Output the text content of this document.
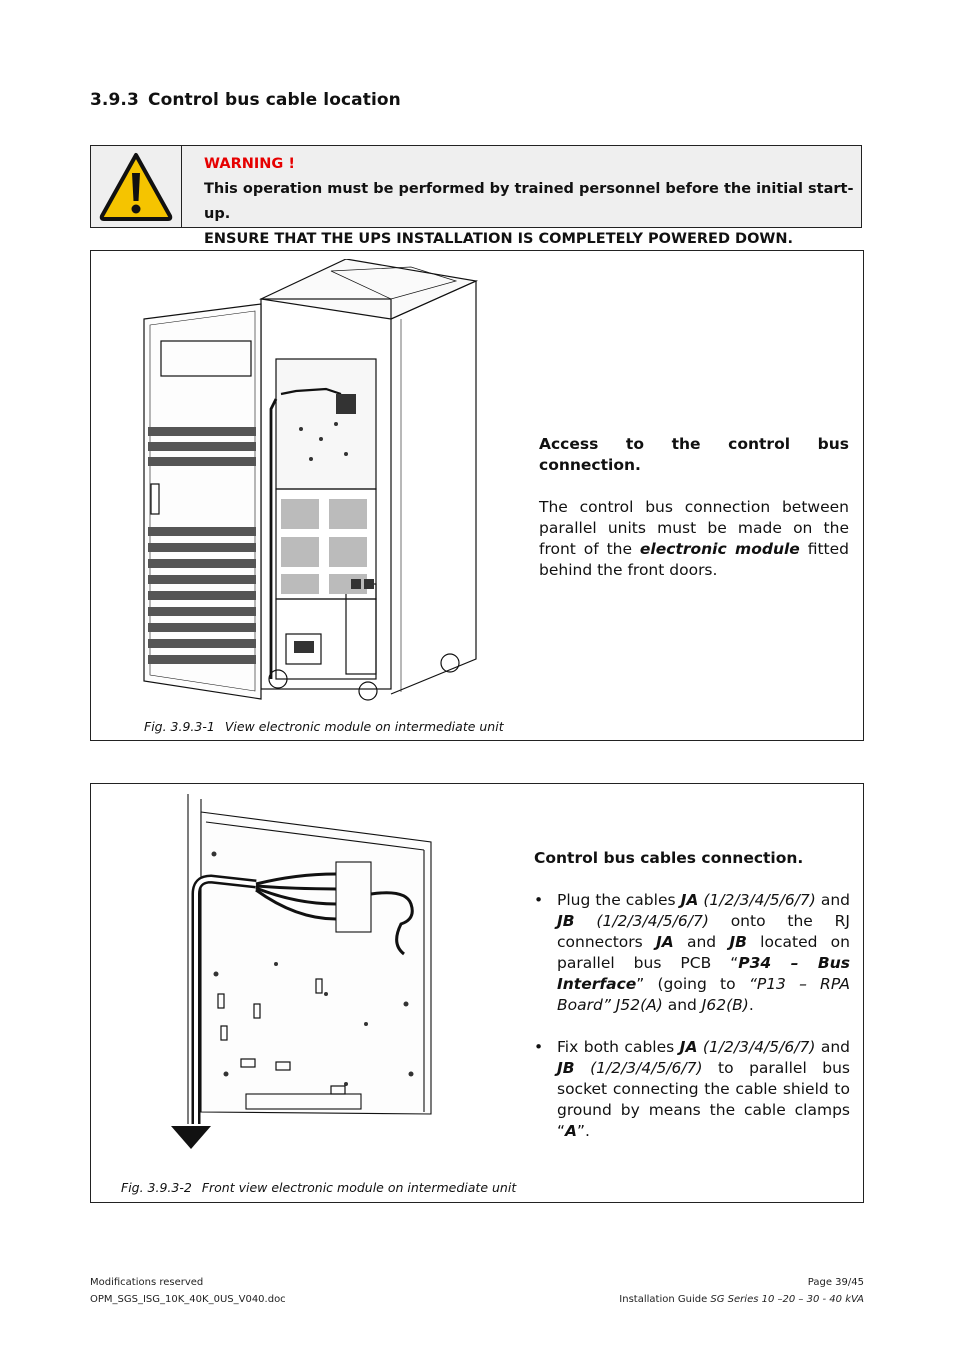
3.9.3 Control bus cable location
WARNING !
This operation must be performed by trained personnel before the initial start-up.
ENSURE THAT THE UPS INSTALLATION IS COMPLETELY POWERED DOWN.
Access to the control bus connection.
The control bus connection between parallel units must be made on the front of the electronic module fitted behind the front doors.
Fig. 3.9.3-1 View electronic module on intermediate unit
Control bus cables connection.
• Plug the cables JA (1/2/3/4/5/6/7) and JB (1/2/3/4/5/6/7) onto the RJ connectors JA and JB located on parallel bus PCB “P34 – Bus Interface” (going to “P13 – RPA Board” J52(A) and J62(B).
• Fix both cables JA (1/2/3/4/5/6/7) and JB (1/2/3/4/5/6/7) to parallel bus socket connecting the cable shield to ground by means the cable clamps “A”.
Fig. 3.9.3-2 Front view electronic module on intermediate unit
Modifications reserved
OPM_SGS_ISG_10K_40K_0US_V040.doc
Page 39/45
Installation Guide SG Series 10 –20 – 30 - 40 kVA
